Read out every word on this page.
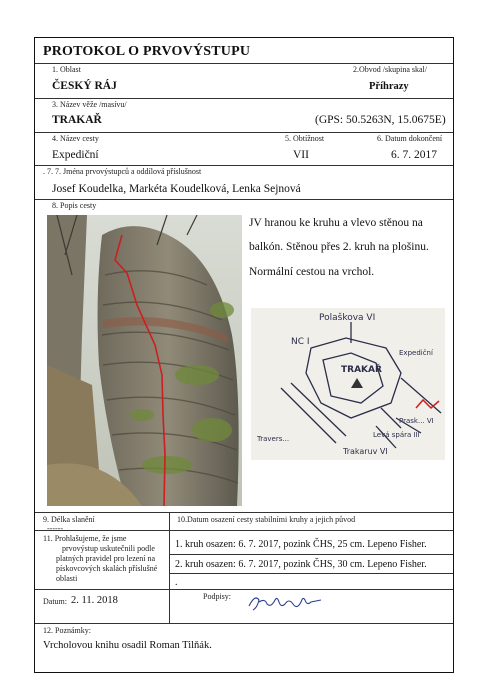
PROTOKOL O PRVOVÝSTUPU
1. Oblast	2.Obvod /skupina skal/
ČESKÝ RÁJ	Příhrazy
3. Název věže /masívu/
TRAKAŘ	(GPS: 50.5263N, 15.0675E)
4. Název cesty	5. Obtížnost	6. Datum dokončení
Expediční	VII	6. 7. 2017
. 7. 7. Jména prvovýstupců a oddílová příslušnost
Josef Koudelka, Markéta Koudelková, Lenka Sejnová
8. Popis cesty
JV hranou ke kruhu a vlevo stěnou na
balkón. Stěnou přes 2. kruh na plošinu.
Normální cestou na vrchol.
Polaškova VI
NC I
TRAKAŘ
Expediční
Prask... VI
Levá spára III
Travers...
Trakaruv VI
9. Délka slanění
------
10.Datum osazení cesty stabilními kruhy a jejich původ
11. Prohlašujeme, že jsme
prvovýstup uskutečnili podle
platných pravidel pro lezení na
pískovcových skalách příslušné
oblasti
1. kruh osazen: 6. 7. 2017, pozink ČHS, 25 cm. Lepeno Fisher.
2. kruh osazen: 6. 7. 2017, pozink ČHS, 30 cm. Lepeno Fisher.
.
Datum: 2. 11. 2018	Podpisy:
12. Poznámky:
Vrcholovou knihu osadil Roman Tilňák.
